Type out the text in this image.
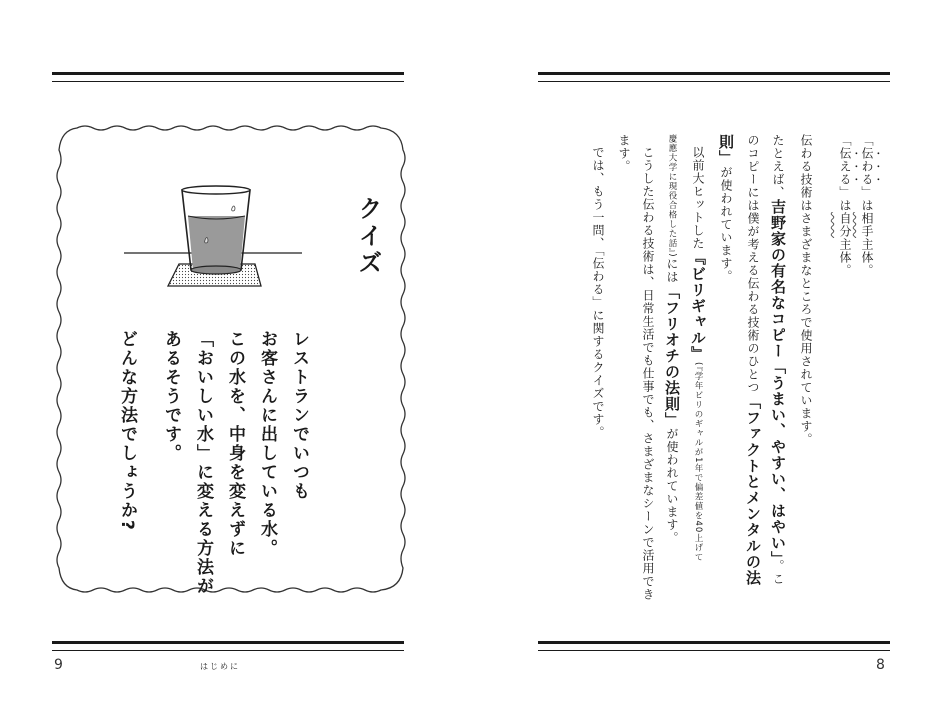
クイズ
レストランでいつも
お客さんに出している水。
この水を、中身を変えずに
「おいしい水」に変える方法が
あるそうです。
どんな方法でしょうか?
9	はじめに
「伝わる」は相手主体。
「伝える」は自分主体。
伝わる技術はさまざまなところで使用されています。
たとえば、吉野家の有名なコピー「うまい、やすい、はやい」。こ
のコピーには僕が考える伝わる技術のひとつ「ファクトとメンタルの法
則」が使われています。
以前大ヒットした『ビリギャル』(『学年ビリのギャルが1年で偏差値を40上げて
慶應大学に現役合格した話』)には「フリオチの法則」が使われています。
こうした伝わる技術は、日常生活でも仕事でも、さまざまなシーンで活用でき
ます。
では、もう一問、「伝わる」に関するクイズです。
8
